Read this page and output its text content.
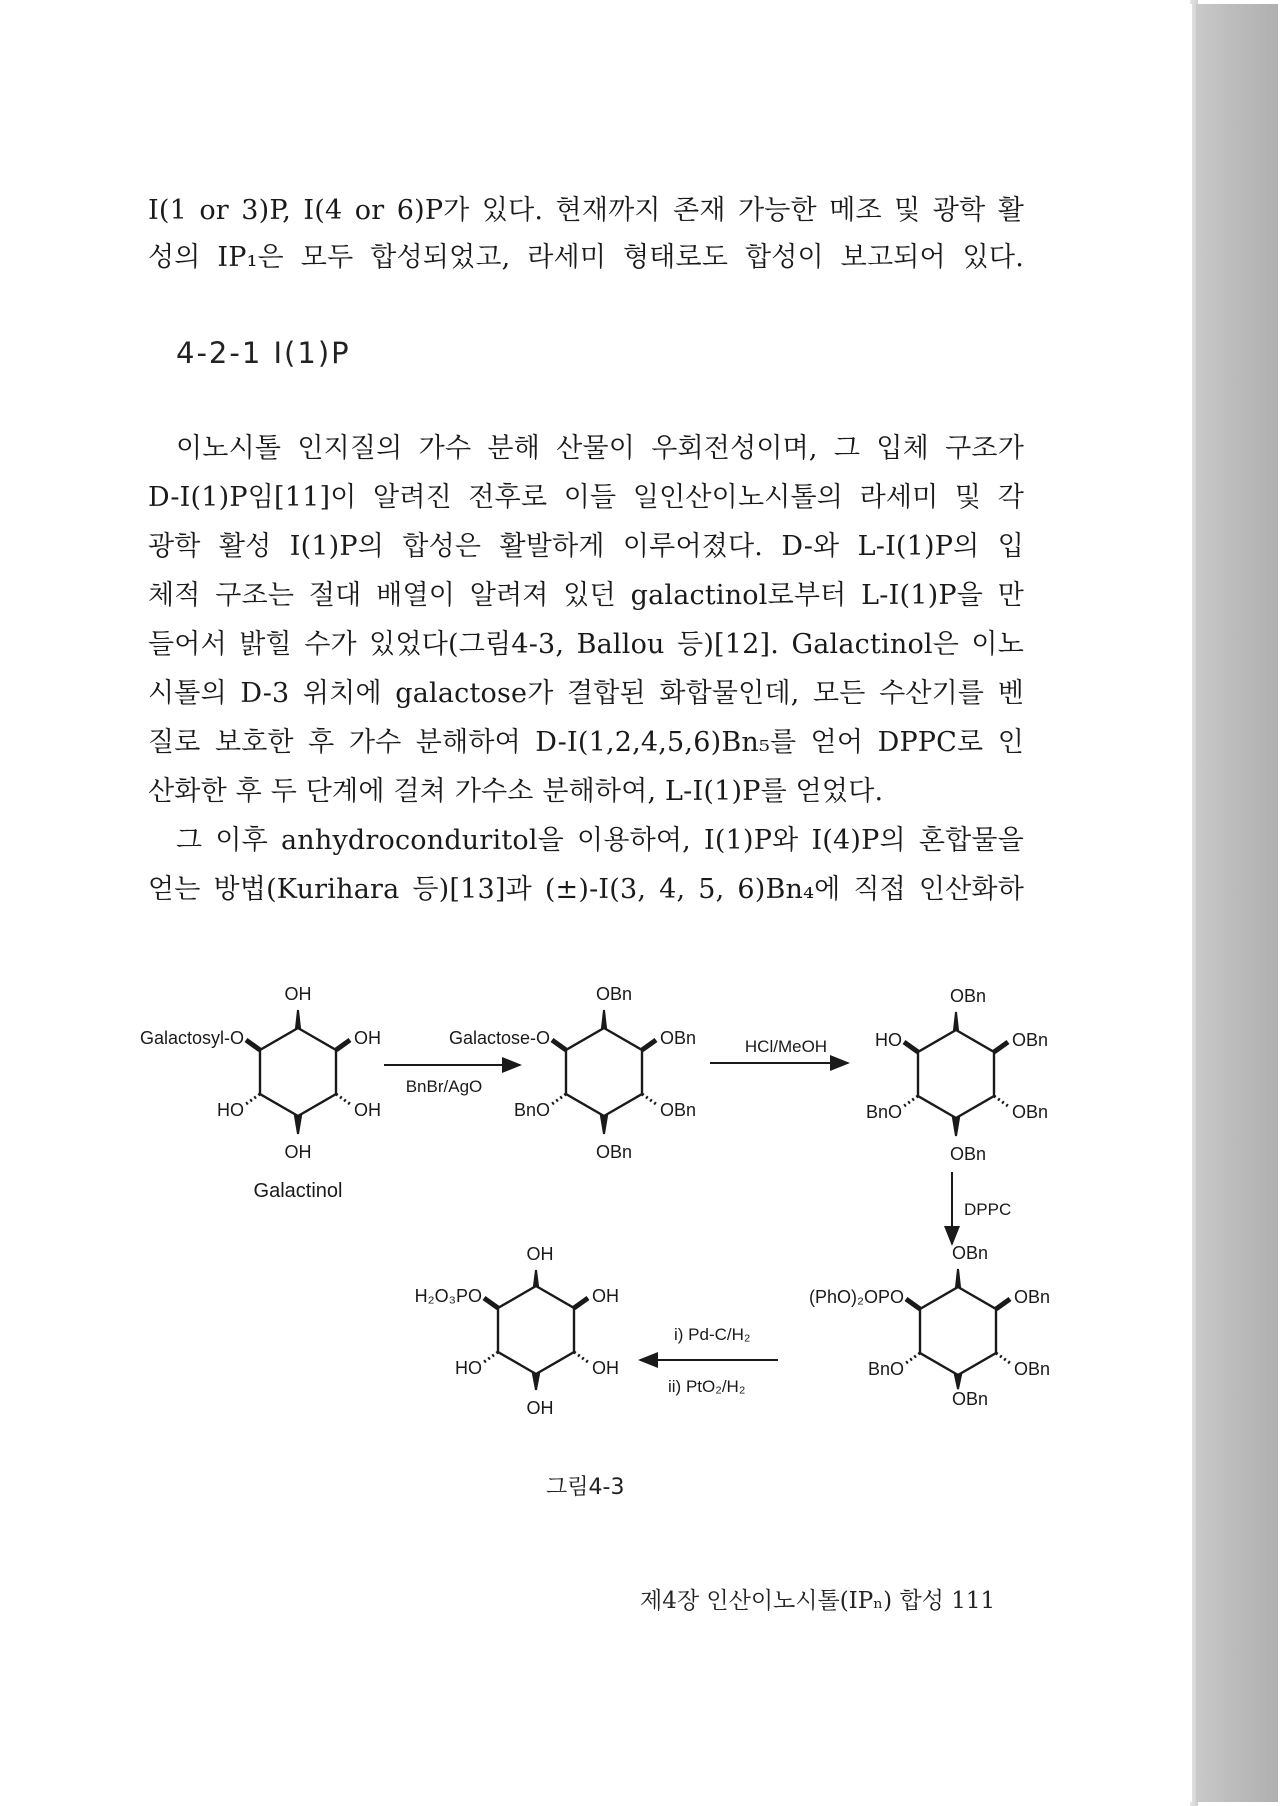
I(1 or 3)P, I(4 or 6)P가 있다. 현재까지 존재 가능한 메조 및 광학 활
성의 IP₁은 모두 합성되었고, 라세미 형태로도 합성이 보고되어 있다.
4-2-1 I(1)P
이노시톨 인지질의 가수 분해 산물이 우회전성이며, 그 입체 구조가
D-I(1)P임[11]이 알려진 전후로 이들 일인산이노시톨의 라세미 및 각
광학 활성 I(1)P의 합성은 활발하게 이루어졌다. D-와 L-I(1)P의 입
체적 구조는 절대 배열이 알려져 있던 galactinol로부터 L-I(1)P을 만
들어서 밝힐 수가 있었다(그림4-3, Ballou 등)[12]. Galactinol은 이노
시톨의 D-3 위치에 galactose가 결합된 화합물인데, 모든 수산기를 벤
질로 보호한 후 가수 분해하여 D-I(1,2,4,5,6)Bn₅를 얻어 DPPC로 인
산화한 후 두 단계에 걸쳐 가수소 분해하여, L-I(1)P를 얻었다.
그 이후 anhydroconduritol을 이용하여, I(1)P와 I(4)P의 혼합물을
얻는 방법(Kurihara 등)[13]과 (±)-I(3, 4, 5, 6)Bn₄에 직접 인산화하
OH
Galactosyl-O	OH
HO	OH
OH
Galactinol
BnBr/AgO
OBn
Galactose-O	OBn
BnO	OBn
OBn
HCl/MeOH
OBn
HO	OBn
BnO	OBn
OBn
DPPC
OBn
(PhO)₂OPO	OBn
BnO	OBn
OBn
i) Pd-C/H₂
ii) PtO₂/H₂
OH
H₂O₃PO	OH
HO	OH
OH
그림4-3
제4장 인산이노시톨(IPₙ) 합성 111
